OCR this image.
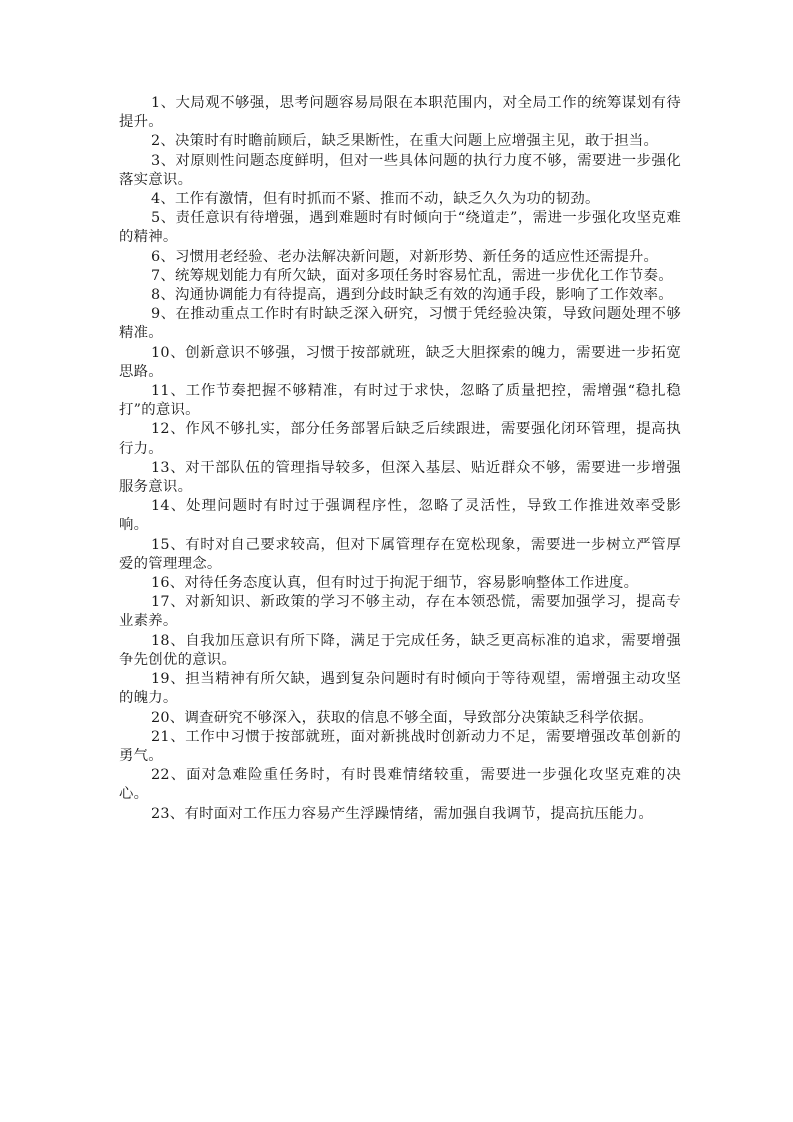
1、大局观不够强，思考问题容易局限在本职范围内，对全局工作的统筹谋划有待提升。

2、决策时有时瞻前顾后，缺乏果断性，在重大问题上应增强主见，敢于担当。

3、对原则性问题态度鲜明，但对一些具体问题的执行力度不够，需要进一步强化落实意识。

4、工作有激情，但有时抓而不紧、推而不动，缺乏久久为功的韧劲。

5、责任意识有待增强，遇到难题时有时倾向于“绕道走”，需进一步强化攻坚克难的精神。

6、习惯用老经验、老办法解决新问题，对新形势、新任务的适应性还需提升。

7、统筹规划能力有所欠缺，面对多项任务时容易忙乱，需进一步优化工作节奏。

8、沟通协调能力有待提高，遇到分歧时缺乏有效的沟通手段，影响了工作效率。

9、在推动重点工作时有时缺乏深入研究，习惯于凭经验决策，导致问题处理不够精准。

10、创新意识不够强，习惯于按部就班，缺乏大胆探索的魄力，需要进一步拓宽思路。

11、工作节奏把握不够精准，有时过于求快，忽略了质量把控，需增强“稳扎稳打”的意识。

12、作风不够扎实，部分任务部署后缺乏后续跟进，需要强化闭环管理，提高执行力。

13、对干部队伍的管理指导较多，但深入基层、贴近群众不够，需要进一步增强服务意识。

14、处理问题时有时过于强调程序性，忽略了灵活性，导致工作推进效率受影响。

15、有时对自己要求较高，但对下属管理存在宽松现象，需要进一步树立严管厚爱的管理理念。

16、对待任务态度认真，但有时过于拘泥于细节，容易影响整体工作进度。

17、对新知识、新政策的学习不够主动，存在本领恐慌，需要加强学习，提高专业素养。

18、自我加压意识有所下降，满足于完成任务，缺乏更高标准的追求，需要增强争先创优的意识。

19、担当精神有所欠缺，遇到复杂问题时有时倾向于等待观望，需增强主动攻坚的魄力。

20、调查研究不够深入，获取的信息不够全面，导致部分决策缺乏科学依据。

21、工作中习惯于按部就班，面对新挑战时创新动力不足，需要增强改革创新的勇气。

22、面对急难险重任务时，有时畏难情绪较重，需要进一步强化攻坚克难的决心。

23、有时面对工作压力容易产生浮躁情绪，需加强自我调节，提高抗压能力。
